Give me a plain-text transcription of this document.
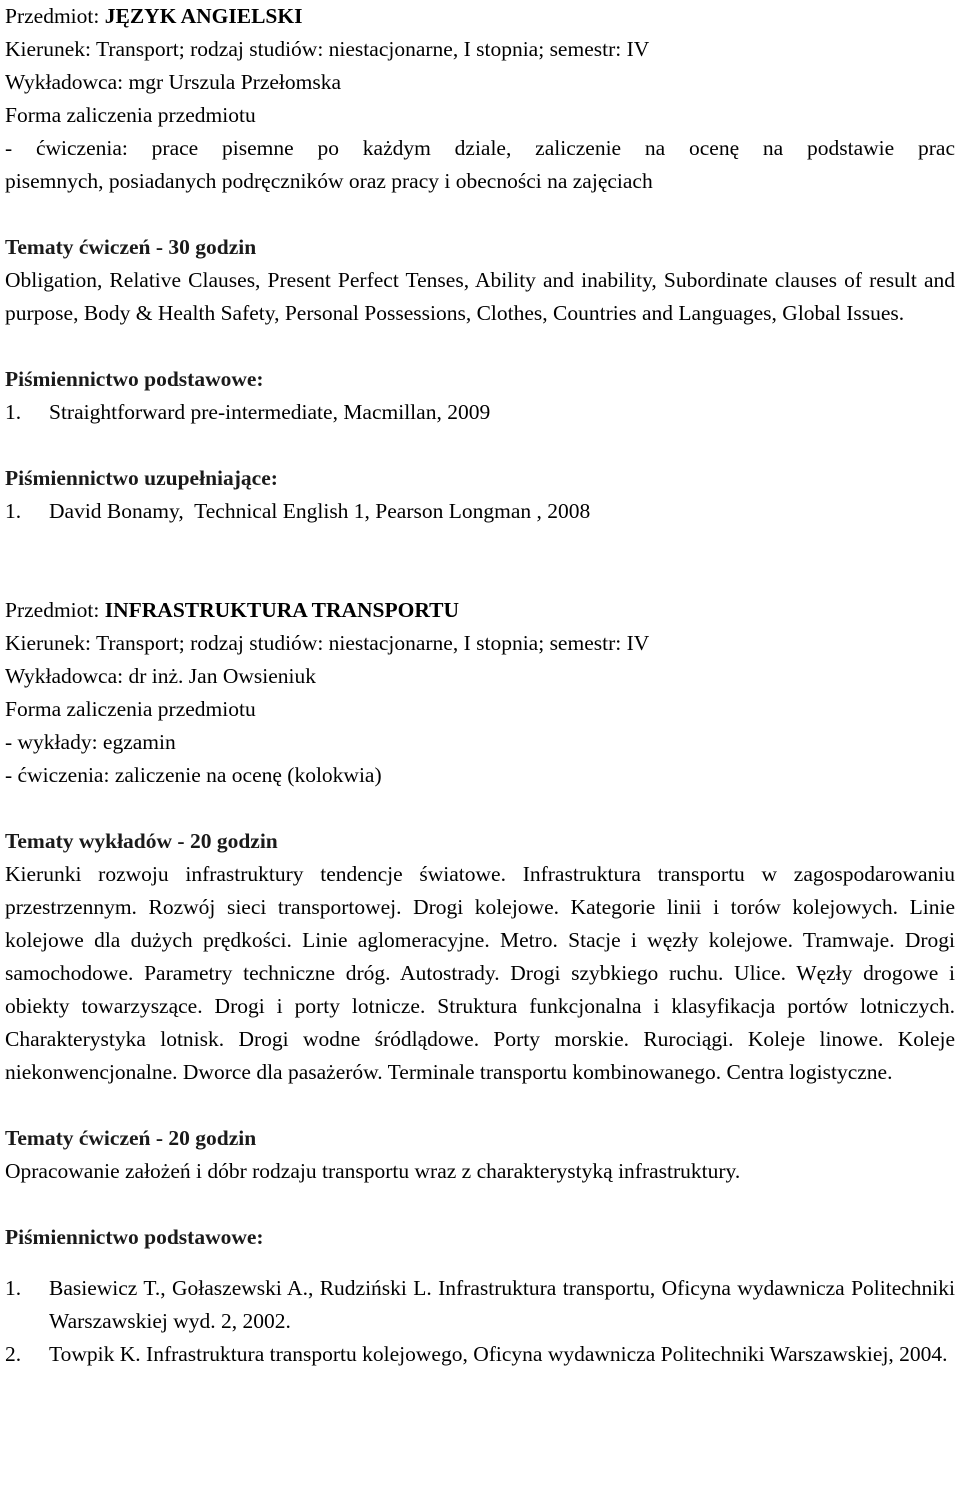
Przedmiot: JĘZYK ANGIELSKI

Kierunek: Transport; rodzaj studiów: niestacjonarne, I stopnia; semestr: IV

Wykładowca: mgr Urszula Przełomska

Forma zaliczenia przedmiotu

- ćwiczenia: prace pisemne po każdym dziale, zaliczenie na ocenę na podstawie prac

pisemnych, posiadanych podręczników oraz pracy i obecności na zajęciach

Tematy ćwiczeń - 30 godzin

Obligation, Relative Clauses, Present Perfect Tenses, Ability and inability, Subordinate clauses of result and purpose, Body & Health Safety, Personal Possessions, Clothes, Countries and Languages, Global Issues.

Piśmiennictwo podstawowe:

1.	Straightforward pre-intermediate, Macmillan, 2009

Piśmiennictwo uzupełniające:

1.	David Bonamy,  Technical English 1, Pearson Longman , 2008

Przedmiot: INFRASTRUKTURA TRANSPORTU

Kierunek: Transport; rodzaj studiów: niestacjonarne, I stopnia; semestr: IV

Wykładowca: dr inż. Jan Owsieniuk

Forma zaliczenia przedmiotu

- wykłady: egzamin

- ćwiczenia: zaliczenie na ocenę (kolokwia)

Tematy wykładów - 20 godzin

Kierunki rozwoju infrastruktury tendencje światowe. Infrastruktura transportu w zagospodarowaniu przestrzennym. Rozwój sieci transportowej. Drogi kolejowe. Kategorie linii i torów kolejowych. Linie kolejowe dla dużych prędkości. Linie aglomeracyjne. Metro. Stacje i węzły kolejowe. Tramwaje. Drogi samochodowe. Parametry techniczne dróg. Autostrady. Drogi szybkiego ruchu. Ulice. Węzły drogowe i obiekty towarzyszące. Drogi i porty lotnicze. Struktura funkcjonalna i klasyfikacja portów lotniczych. Charakterystyka lotnisk. Drogi wodne śródlądowe. Porty morskie. Rurociągi. Koleje linowe. Koleje niekonwencjonalne. Dworce dla pasażerów. Terminale transportu kombinowanego. Centra logistyczne.

Tematy ćwiczeń - 20 godzin

Opracowanie założeń i dóbr rodzaju transportu wraz z charakterystyką infrastruktury.

Piśmiennictwo podstawowe:

1.	Basiewicz T., Gołaszewski A., Rudziński L. Infrastruktura transportu, Oficyna wydawnicza Politechniki Warszawskiej wyd. 2, 2002.
2.	Towpik K. Infrastruktura transportu kolejowego, Oficyna wydawnicza Politechniki Warszawskiej, 2004.
